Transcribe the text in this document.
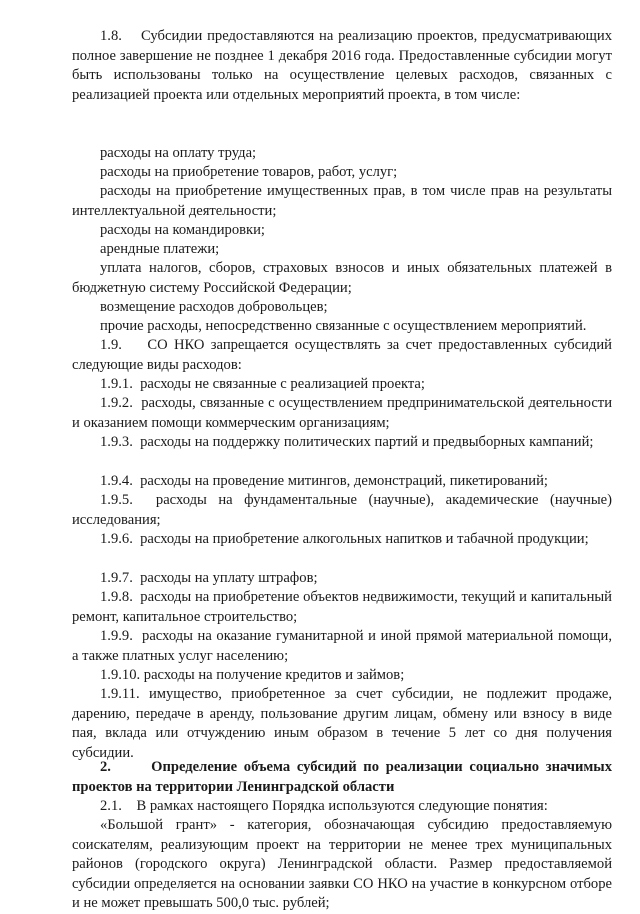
1.8.    Субсидии предоставляются на реализацию проектов, предусматривающих полное завершение не позднее 1 декабря 2016 года. Предоставленные субсидии могут быть использованы только на осуществление целевых расходов, связанных с реализацией проекта или отдельных мероприятий проекта, в том числе:

расходы на оплату труда;

расходы на приобретение товаров, работ, услуг;

расходы на приобретение имущественных прав, в том числе прав на результаты интеллектуальной деятельности;

расходы на командировки;

арендные платежи;

уплата налогов, сборов, страховых взносов и иных обязательных платежей в бюджетную систему Российской Федерации;

возмещение расходов добровольцев;

прочие расходы, непосредственно связанные с осуществлением мероприятий.

1.9.    СО НКО запрещается осуществлять за счет предоставленных субсидий следующие виды расходов:

1.9.1.  расходы не связанные с реализацией проекта;

1.9.2.  расходы, связанные с осуществлением предпринимательской деятельности и оказанием помощи коммерческим организациям;

1.9.3.  расходы на поддержку политических партий и предвыборных кампаний;

1.9.4.  расходы на проведение митингов, демонстраций, пикетирований;

1.9.5.  расходы на фундаментальные (научные), академические (научные) исследования;

1.9.6.  расходы на приобретение алкогольных напитков и табачной продукции;

1.9.7.  расходы на уплату штрафов;

1.9.8.  расходы на приобретение объектов недвижимости, текущий и капитальный ремонт, капитальное строительство;

1.9.9.  расходы на оказание гуманитарной и иной прямой материальной помощи, а также платных услуг населению;

1.9.10. расходы на получение кредитов и займов;

1.9.11. имущество, приобретенное за счет субсидии, не подлежит продаже, дарению, передаче в аренду, пользование другим лицам, обмену или взносу в виде пая, вклада или отчуждению иным образом в течение 5 лет со дня получения субсидии.

2.      Определение объема субсидий по реализации социально значимых проектов на территории Ленинградской области

2.1.    В рамках настоящего Порядка используются следующие понятия:

«Большой грант» - категория, обозначающая субсидию предоставляемую соискателям, реализующим проект на территории не менее трех муниципальных районов (городского округа) Ленинградской области. Размер предоставляемой субсидии определяется на основании заявки СО НКО на участие в конкурсном отборе и не может превышать 500,0 тыс. рублей;
